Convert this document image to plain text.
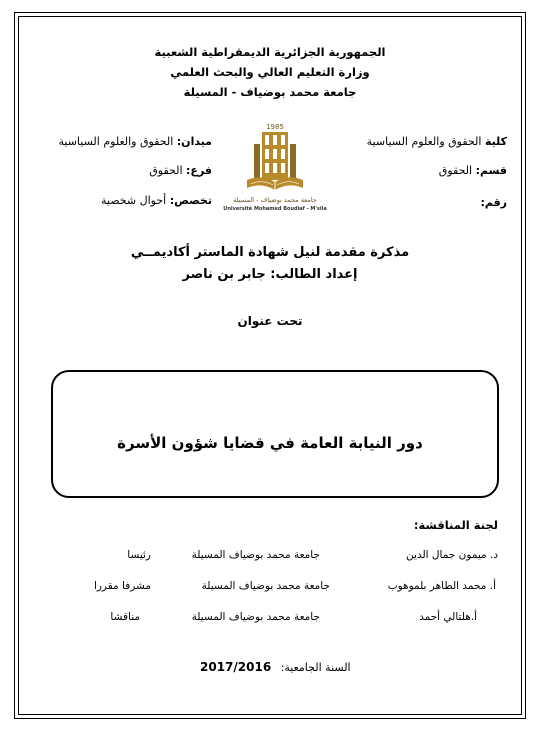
الجمهورية الجزائرية الديمقراطية الشعبية
وزارة التعليم العالي والبحث العلمي
جامعة محمد بوضياف - المسيلة
كلية الحقوق والعلوم السياسية
قسم: الحقوق
رقم:
ميدان: الحقوق والعلوم السياسية
فرع: الحقوق
تخصص: أحوال شخصية
1985
جامعة محمد بوضياف - المسيلة
Université Mohamed Boudiaf - M'sila
مذكرة مقدمة لنيل شهادة الماستر أكاديمــي
إعداد الطالب: جابر بن ناصر
تحت عنوان
دور النيابة العامة في قضايا شؤون الأسرة
لجنة المناقشة:
د. ميمون جمال الدين
جامعة محمد بوضياف المسيلة
رئيسا
أ. محمد الطاهر بلموهوب
جامعة محمد بوضياف المسيلة
مشرفا مقررا
أ.هلتالي أحمد
جامعة محمد بوضياف المسيلة
مناقشا
2017/2016 السنة الجامعية:
